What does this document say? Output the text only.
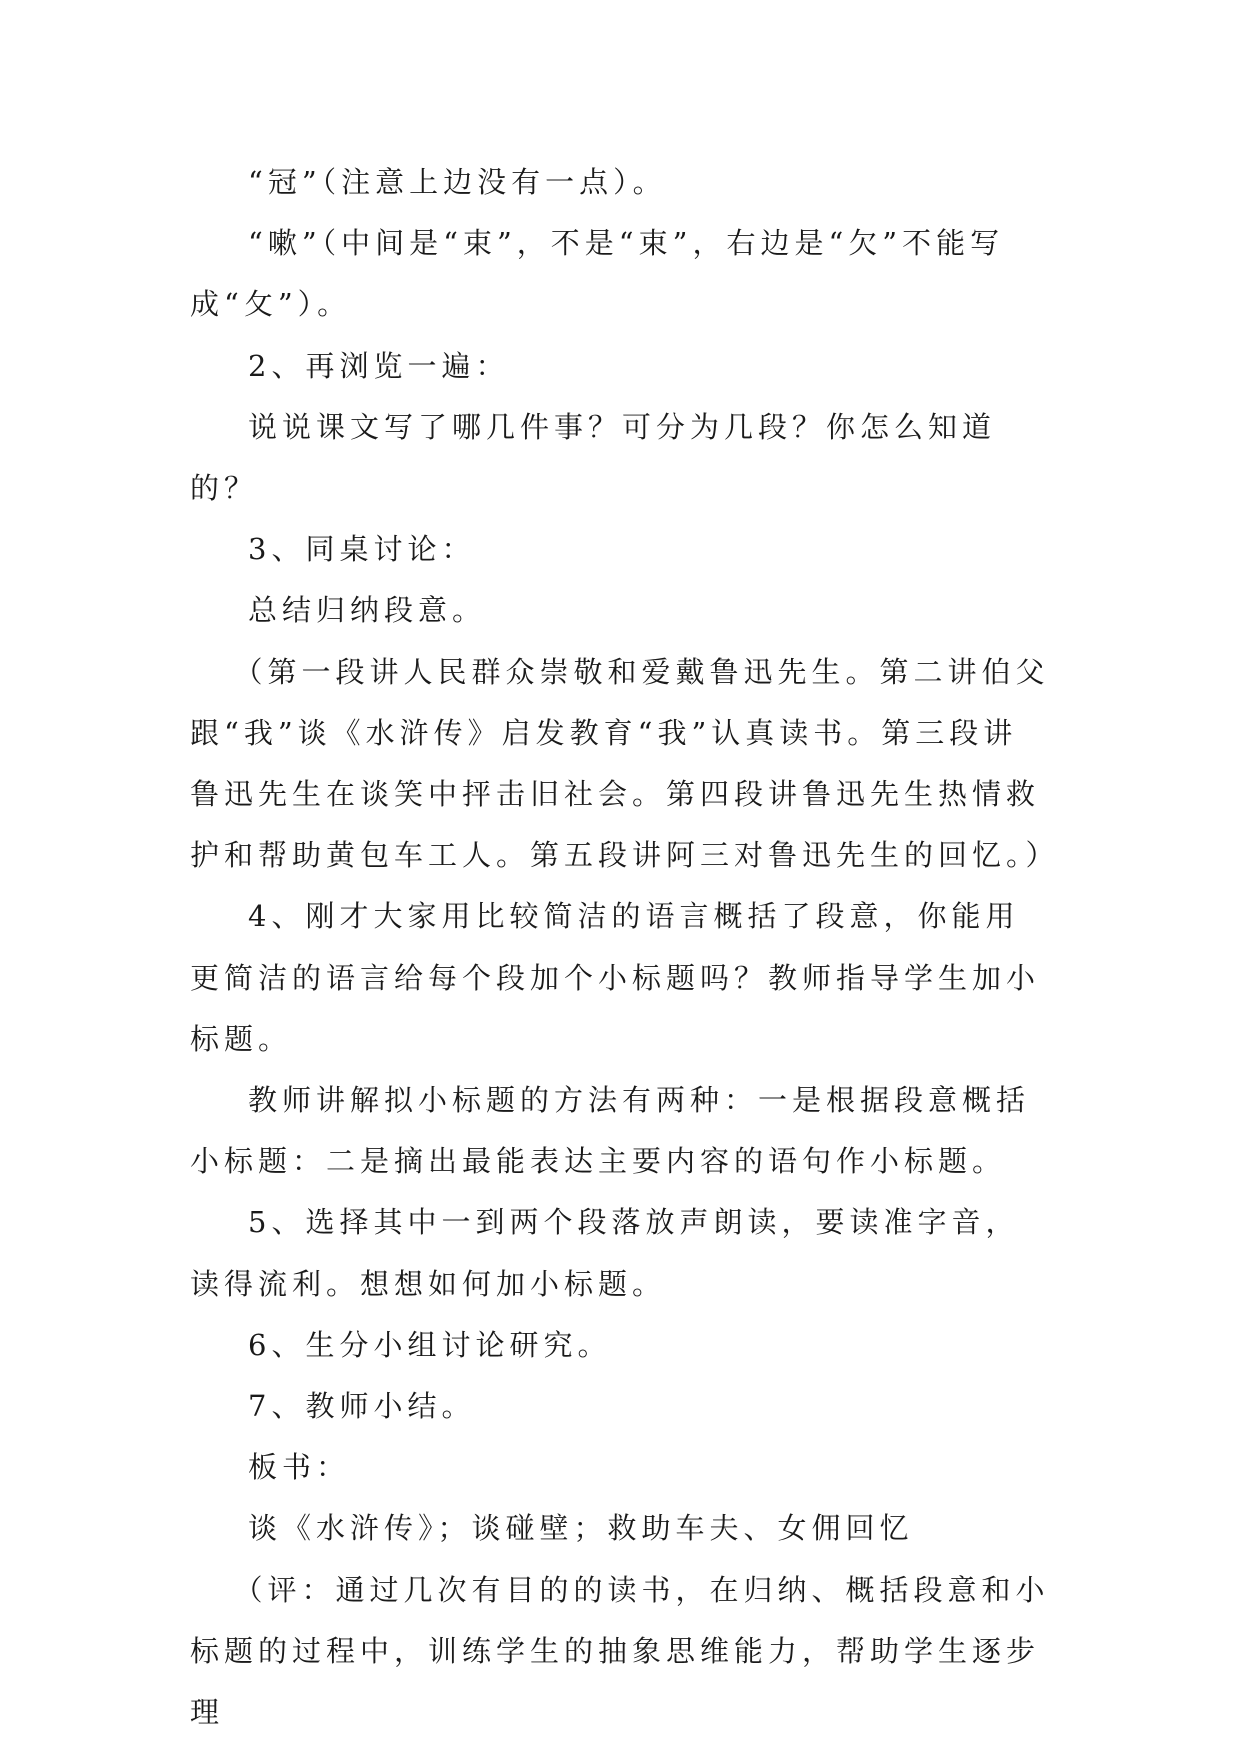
“冠”（注意上边没有一点）。

“嗽”（中间是“束”，不是“束”，右边是“欠”不能写成“攵”）。

2、再浏览一遍：

说说课文写了哪几件事？可分为几段？你怎么知道的？

3、同桌讨论：

总结归纳段意。

（第一段讲人民群众崇敬和爱戴鲁迅先生。第二讲伯父跟“我”谈《水浒传》启发教育“我”认真读书。第三段讲鲁迅先生在谈笑中抨击旧社会。第四段讲鲁迅先生热情救护和帮助黄包车工人。第五段讲阿三对鲁迅先生的回忆。）

4、刚才大家用比较简洁的语言概括了段意，你能用更简洁的语言给每个段加个小标题吗？教师指导学生加小标题。

教师讲解拟小标题的方法有两种：一是根据段意概括小标题：二是摘出最能表达主要内容的语句作小标题。

5、选择其中一到两个段落放声朗读，要读准字音，读得流利。想想如何加小标题。

6、生分小组讨论研究。

7、教师小结。

板书：

谈《水浒传》；谈碰壁；救助车夫、女佣回忆

（评：通过几次有目的的读书，在归纳、概括段意和小标题的过程中，训练学生的抽象思维能力，帮助学生逐步理
